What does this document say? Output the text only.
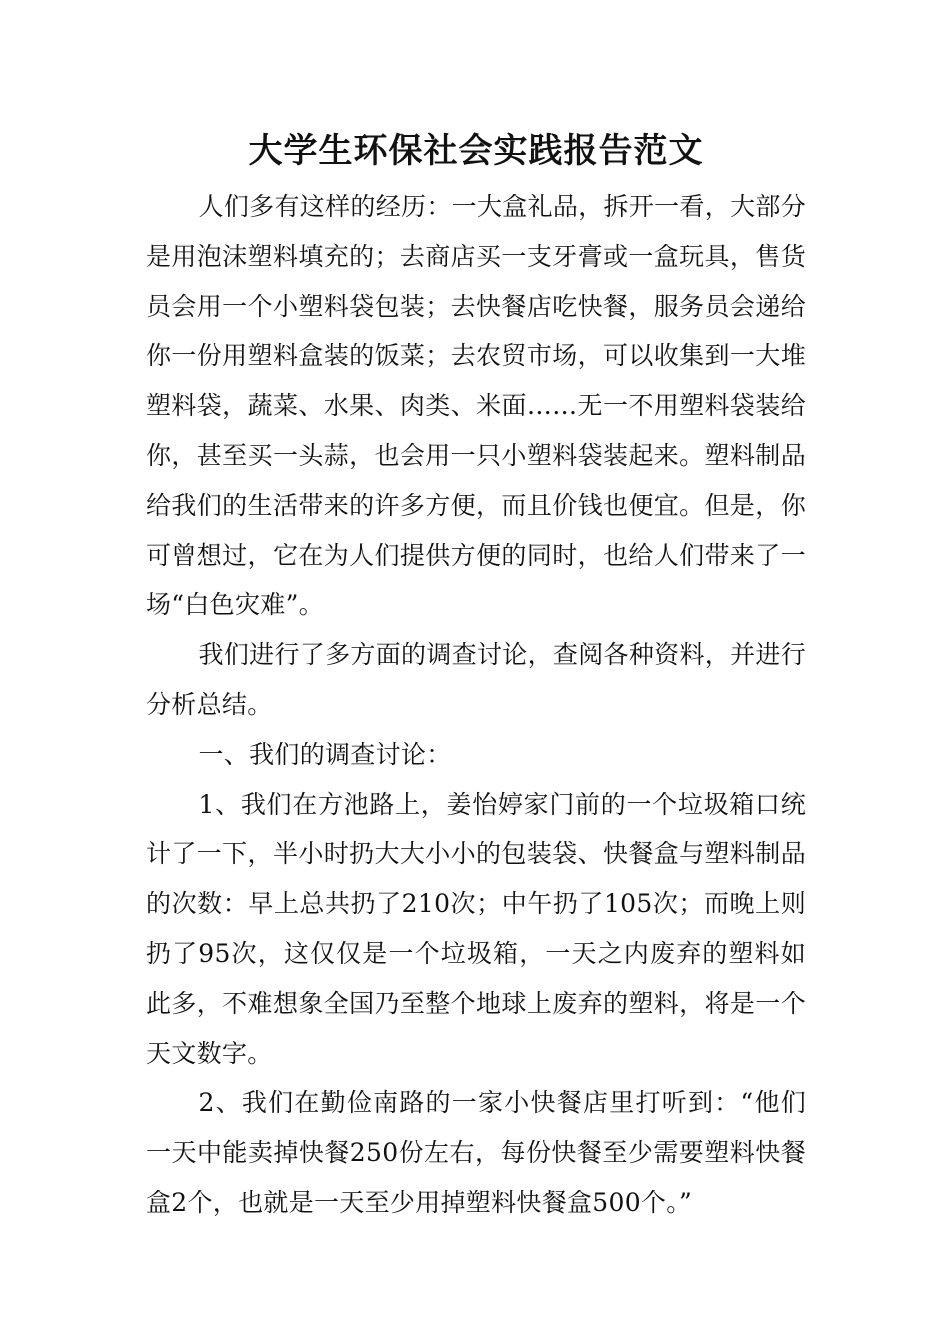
大学生环保社会实践报告范文

人们多有这样的经历：一大盒礼品，拆开一看，大部分是用泡沫塑料填充的；去商店买一支牙膏或一盒玩具，售货员会用一个小塑料袋包装；去快餐店吃快餐，服务员会递给你一份用塑料盒装的饭菜；去农贸市场，可以收集到一大堆塑料袋，蔬菜、水果、肉类、米面……无一不用塑料袋装给你，甚至买一头蒜，也会用一只小塑料袋装起来。塑料制品给我们的生活带来的许多方便，而且价钱也便宜。但是，你可曾想过，它在为人们提供方便的同时，也给人们带来了一场“白色灾难”。

我们进行了多方面的调查讨论，查阅各种资料，并进行分析总结。

一、我们的调查讨论：

1、我们在方池路上，姜怡婷家门前的一个垃圾箱口统计了一下，半小时扔大大小小的包装袋、快餐盒与塑料制品的次数：早上总共扔了210次；中午扔了105次；而晚上则扔了95次，这仅仅是一个垃圾箱，一天之内废弃的塑料如此多，不难想象全国乃至整个地球上废弃的塑料，将是一个天文数字。

2、我们在勤俭南路的一家小快餐店里打听到：“他们一天中能卖掉快餐250份左右，每份快餐至少需要塑料快餐盒2个，也就是一天至少用掉塑料快餐盒500个。”
